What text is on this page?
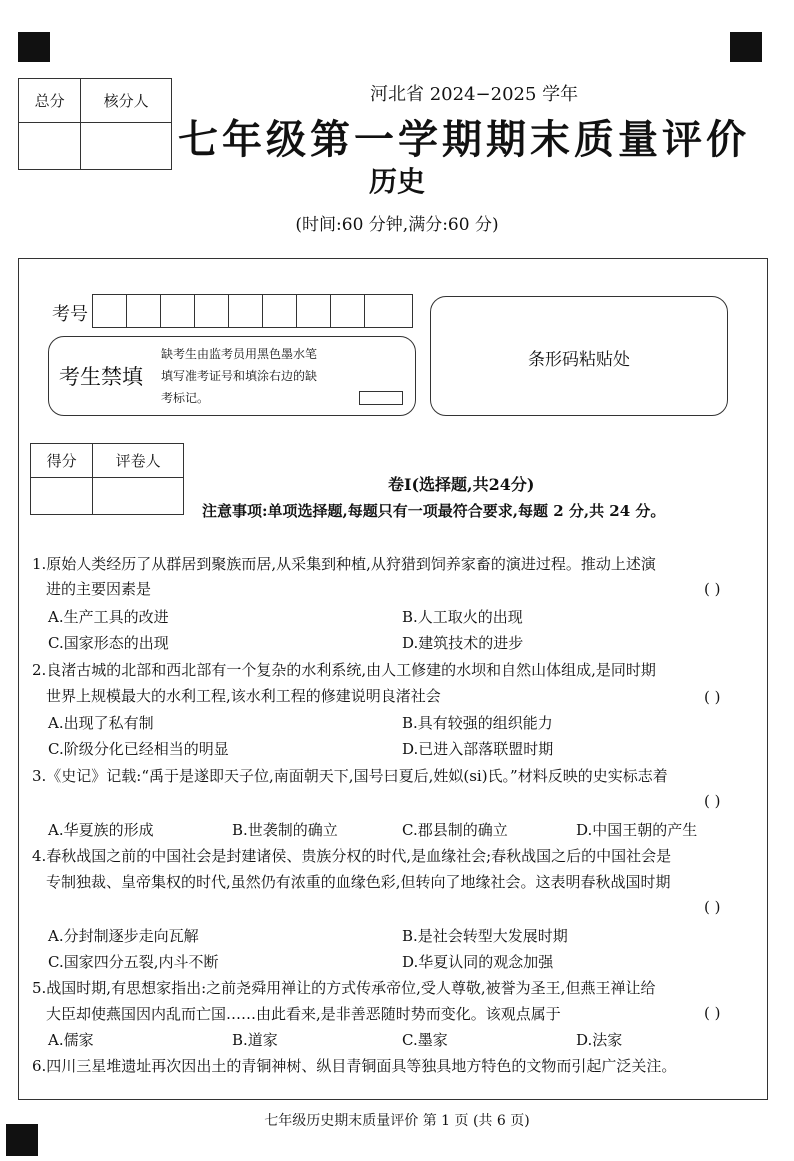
总分	核分人
		河北省 2024−2025 学年
七年级第一学期期末质量评价
历史
(时间:60 分钟,满分:60 分)
考号
考生禁填
缺考生由监考员用黑色墨水笔
填写准考证号和填涂右边的缺
考标记。
条形码粘贴处
得分	评卷人

卷Ⅰ(选择题,共24分)
注意事项:单项选择题,每题只有一项最符合要求,每题 2 分,共 24 分。
1.原始人类经历了从群居到聚族而居,从采集到种植,从狩猎到饲养家畜的演进过程。推动上述演
进的主要因素是	( )
A.生产工具的改进	B.人工取火的出现
C.国家形态的出现	D.建筑技术的进步
2.良渚古城的北部和西北部有一个复杂的水利系统,由人工修建的水坝和自然山体组成,是同时期
世界上规模最大的水利工程,该水利工程的修建说明良渚社会	( )
A.出现了私有制	B.具有较强的组织能力
C.阶级分化已经相当的明显	D.已进入部落联盟时期
3.《史记》记载:“禹于是遂即天子位,南面朝天下,国号曰夏后,姓姒(si)氏。”材料反映的史实标志着
( )
A.华夏族的形成	B.世袭制的确立	C.郡县制的确立	D.中国王朝的产生
4.春秋战国之前的中国社会是封建诸侯、贵族分权的时代,是血缘社会;春秋战国之后的中国社会是
专制独裁、皇帝集权的时代,虽然仍有浓重的血缘色彩,但转向了地缘社会。这表明春秋战国时期
( )
A.分封制逐步走向瓦解	B.是社会转型大发展时期
C.国家四分五裂,内斗不断	D.华夏认同的观念加强
5.战国时期,有思想家指出:之前尧舜用禅让的方式传承帝位,受人尊敬,被誉为圣王,但燕王禅让给
大臣却使燕国因内乱而亡国……由此看来,是非善恶随时势而变化。该观点属于	( )
A.儒家	B.道家	C.墨家	D.法家
6.四川三星堆遗址再次因出土的青铜神树、纵目青铜面具等独具地方特色的文物而引起广泛关注。
七年级历史期末质量评价 第 1 页 (共 6 页)
